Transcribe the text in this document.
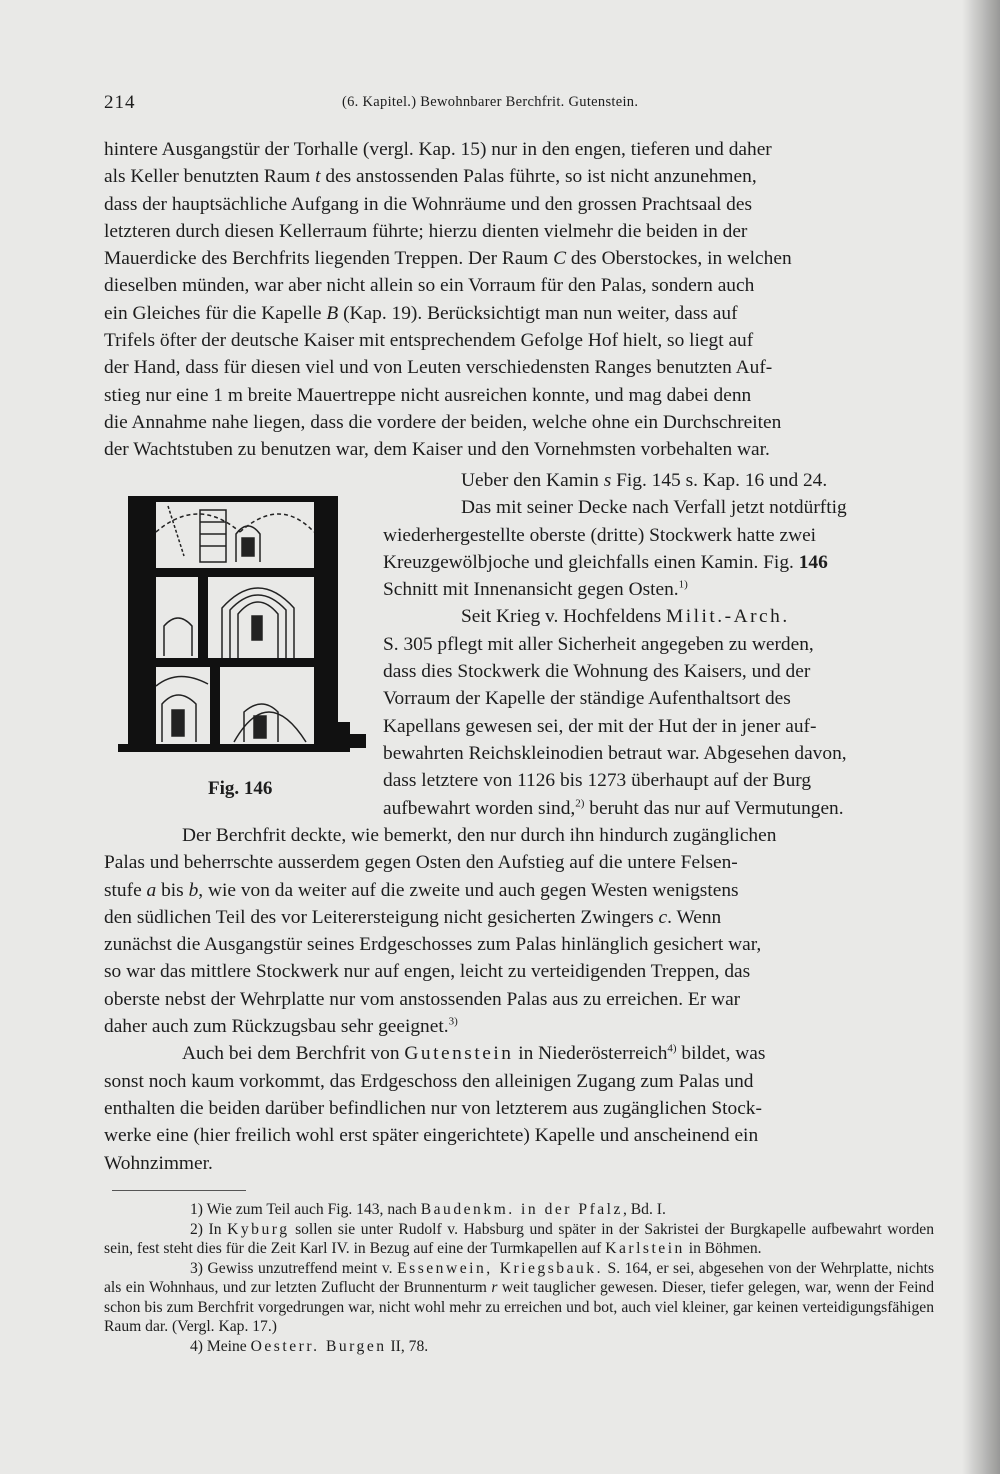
214	(6. Kapitel.) Bewohnbarer Berchfrit. Gutenstein.

hintere Ausgangstür der Torhalle (vergl. Kap. 15) nur in den engen, tieferen und daher

als Keller benutzten Raum t des anstossenden Palas führte, so ist nicht anzunehmen,

dass der hauptsächliche Aufgang in die Wohnräume und den grossen Prachtsaal des

letzteren durch diesen Kellerraum führte; hierzu dienten vielmehr die beiden in der

Mauerdicke des Berchfrits liegenden Treppen. Der Raum C des Oberstockes, in welchen

dieselben münden, war aber nicht allein so ein Vorraum für den Palas, sondern auch

ein Gleiches für die Kapelle B (Kap. 19). Berücksichtigt man nun weiter, dass auf

Trifels öfter der deutsche Kaiser mit entsprechendem Gefolge Hof hielt, so liegt auf

der Hand, dass für diesen viel und von Leuten verschiedensten Ranges benutzten Auf-

stieg nur eine 1 m breite Mauertreppe nicht ausreichen konnte, und mag dabei denn

die Annahme nahe liegen, dass die vordere der beiden, welche ohne ein Durchschreiten

der Wachtstuben zu benutzen war, dem Kaiser und den Vornehmsten vorbehalten war.

Ueber den Kamin s Fig. 145 s. Kap. 16 und 24.

Das mit seiner Decke nach Verfall jetzt notdürftig

wiederhergestellte oberste (dritte) Stockwerk hatte zwei

Kreuzgewölbjoche und gleichfalls einen Kamin. Fig. 146

Schnitt mit Innenansicht gegen Osten.$^{1)}$

Seit Krieg v. Hochfeldens Milit.-Arch.

S. 305 pflegt mit aller Sicherheit angegeben zu werden,

dass dies Stockwerk die Wohnung des Kaisers, und der

Vorraum der Kapelle der ständige Aufenthaltsort des

Kapellans gewesen sei, der mit der Hut der in jener auf-

bewahrten Reichskleinodien betraut war. Abgesehen davon,

dass letztere von 1126 bis 1273 überhaupt auf der Burg

aufbewahrt worden sind,$^{2)}$ beruht das nur auf Vermutungen.

Fig. 146

Der Berchfrit deckte, wie bemerkt, den nur durch ihn hindurch zugänglichen

Palas und beherrschte ausserdem gegen Osten den Aufstieg auf die untere Felsen-

stufe a bis b, wie von da weiter auf die zweite und auch gegen Westen wenigstens

den südlichen Teil des vor Leiterersteigung nicht gesicherten Zwingers c. Wenn

zunächst die Ausgangstür seines Erdgeschosses zum Palas hinlänglich gesichert war,

so war das mittlere Stockwerk nur auf engen, leicht zu verteidigenden Treppen, das

oberste nebst der Wehrplatte nur vom anstossenden Palas aus zu erreichen. Er war

daher auch zum Rückzugsbau sehr geeignet.$^{3)}$

Auch bei dem Berchfrit von Gutenstein in Niederösterreich$^{4)}$ bildet, was

sonst noch kaum vorkommt, das Erdgeschoss den alleinigen Zugang zum Palas und

enthalten die beiden darüber befindlichen nur von letzterem aus zugänglichen Stock-

werke eine (hier freilich wohl erst später eingerichtete) Kapelle und anscheinend ein

Wohnzimmer.

1) Wie zum Teil auch Fig. 143, nach Baudenkm. in der Pfalz, Bd. I.

2) In Kyburg sollen sie unter Rudolf v. Habsburg und später in der Sakristei der Burgkapelle aufbewahrt worden sein, fest steht dies für die Zeit Karl IV. in Bezug auf eine der Turmkapellen auf Karlstein in Böhmen.

3) Gewiss unzutreffend meint v. Essenwein, Kriegsbauk. S. 164, er sei, abgesehen von der Wehrplatte, nichts als ein Wohnhaus, und zur letzten Zuflucht der Brunnenturm r weit tauglicher gewesen. Dieser, tiefer gelegen, war, wenn der Feind schon bis zum Berchfrit vorgedrungen war, nicht wohl mehr zu erreichen und bot, auch viel kleiner, gar keinen verteidigungsfähigen Raum dar. (Vergl. Kap. 17.)

4) Meine Oesterr. Burgen II, 78.
